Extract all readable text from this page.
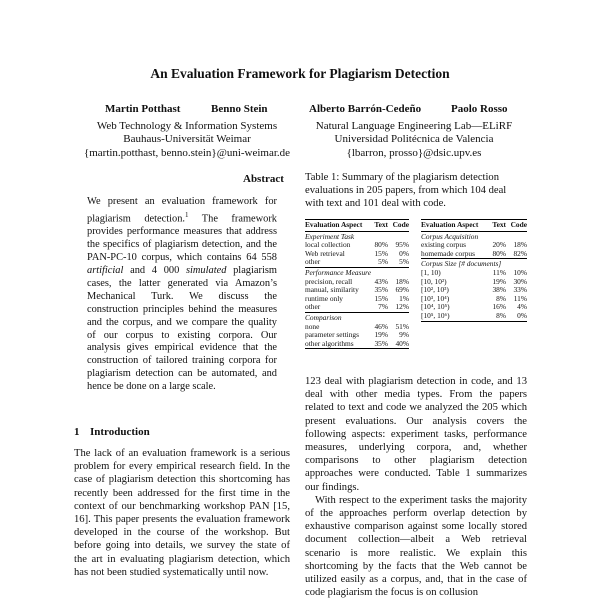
An Evaluation Framework for Plagiarism Detection
Martin Potthast	Benno Stein	Alberto Barrón-Cedeño	Paolo Rosso
Web Technology & Information Systems
Bauhaus-Universität Weimar
{martin.potthast, benno.stein}@uni-weimar.de
Natural Language Engineering Lab—ELiRF
Universidad Politécnica de Valencia
{lbarron, prosso}@dsic.upv.es
Abstract

We present an evaluation framework for plagiarism detection.$^1$ The framework provides performance measures that address the specifics of plagiarism detection, and the PAN-PC-10 corpus, which contains 64 558 artificial and 4 000 simulated plagiarism cases, the latter generated via Amazon’s Mechanical Turk. We discuss the construction principles behind the measures and the corpus, and we compare the quality of our corpus to existing corpora. Our analysis gives empirical evidence that the construction of tailored training corpora for plagiarism detection can be automated, and hence be done on a large scale.

1 Introduction

The lack of an evaluation framework is a serious problem for every empirical research field. In the case of plagiarism detection this shortcoming has recently been addressed for the first time in the context of our benchmarking workshop PAN [15, 16]. This paper presents the evaluation framework developed in the course of the workshop. But before going into details, we survey the state of the art in evaluating plagiarism detection, which has not been studied systematically until now.

Table 1: Summary of the plagiarism detection evaluations in 205 papers, from which 104 deal with text and 101 deal with code.
Evaluation Aspect	Text Code
Experiment Task
local collection	80%	95%
Web retrieval	15%	0%
other	5%	5%
Performance Measure
precision, recall	43%	18%
manual, similarity	35%	69%
runtime only	15%	1%
other	7%	12%
Comparison
none	46%	51%
parameter settings	19%	9%
other algorithms	35%	40%
Evaluation Aspect	Text Code
Corpus Acquisition
existing corpus	20%	18%
homemade corpus	80%	82%
Corpus Size [# documents]
[1, 10)	11%	10%
[10, 10²)	19%	30%
[10², 10³)	38%	33%
[10³, 10⁴)	8%	11%
[10⁴, 10⁵)	16%	4%
[10⁵, 10⁶)	8%	0%

123 deal with plagiarism detection in code, and 13 deal with other media types. From the papers related to text and code we analyzed the 205 which present evaluations. Our analysis covers the following aspects: experiment tasks, performance measures, underlying corpora, and, whether comparisons to other plagiarism detection approaches were conducted. Table 1 summarizes our findings.

With respect to the experiment tasks the majority of the approaches perform overlap detection by exhaustive comparison against some locally stored document collection—albeit a Web retrieval scenario is more realistic. We explain this shortcoming by the facts that the Web cannot be utilized easily as a corpus, and, that in the case of code plagiarism the focus is on collusion
